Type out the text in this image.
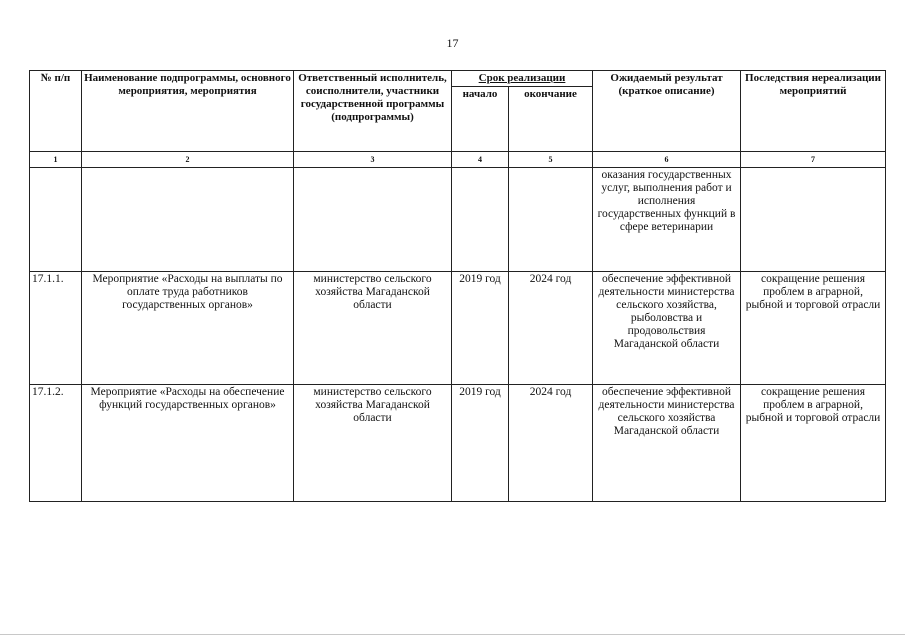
17
№ п/п	Наименование подпрограммы, основного мероприятия, мероприятия	Ответственный исполнитель, соисполнители, участники государственной программы (подпрограммы)	Срок реализации		Ожидаемый результат (краткое описание)	Последствия нереализации мероприятий
			начало	окончание		
1	2	3	4	5	6	7
					оказания государственных услуг, выполнения работ и исполнения государственных функций в сфере ветеринарии	
17.1.1.	Мероприятие «Расходы на выплаты по оплате труда работников государственных органов»	министерство сельского хозяйства Магаданской области	2019 год	2024 год	обеспечение эффективной деятельности министерства сельского хозяйства, рыболовства и продовольствия Магаданской области	сокращение решения проблем в аграрной, рыбной и торговой отрасли
17.1.2.	Мероприятие «Расходы на обеспечение функций государственных органов»	министерство сельского хозяйства Магаданской области	2019 год	2024 год	обеспечение эффективной деятельности министерства сельского хозяйства Магаданской области	сокращение решения проблем в аграрной, рыбной и торговой отрасли
